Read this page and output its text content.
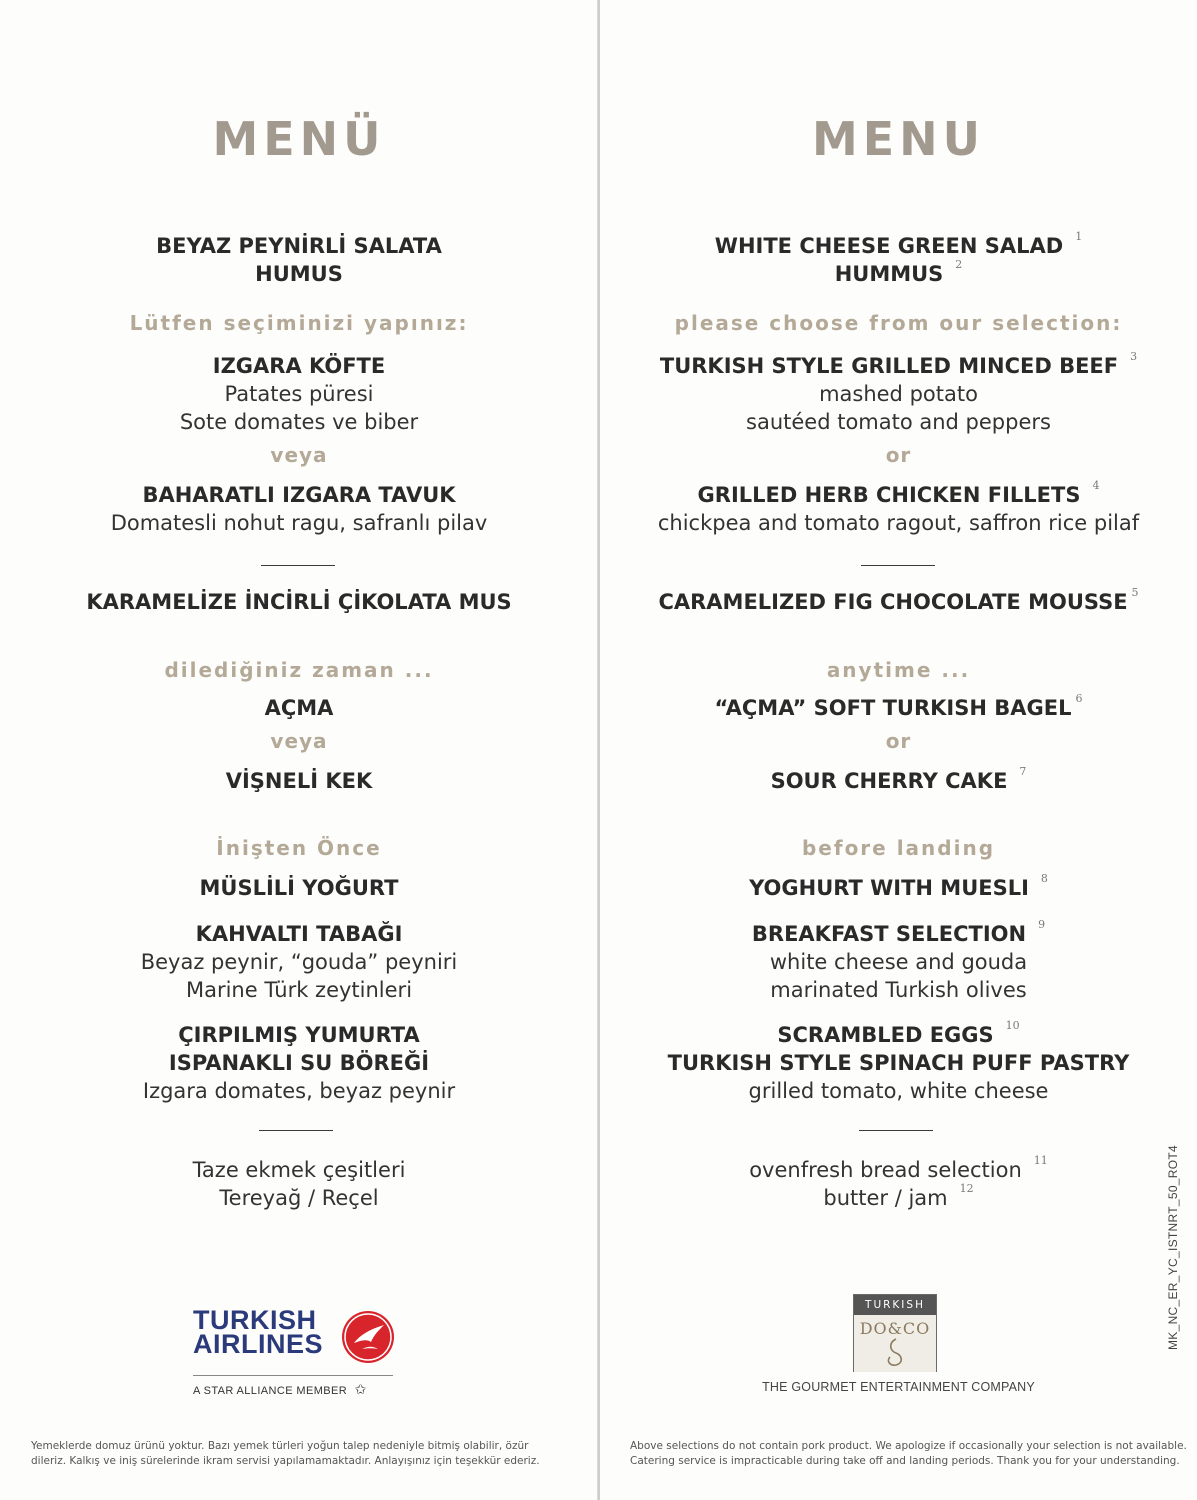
MENÜ
BEYAZ PEYNİRLİ SALATA
HUMUS
Lütfen seçiminizi yapınız:
IZGARA KÖFTE
Patates püresi
Sote domates ve biber
veya
BAHARATLI IZGARA TAVUK
Domatesli nohut ragu, safranlı pilav
KARAMELİZE İNCİRLİ ÇİKOLATA MUS
dilediğiniz zaman ...
AÇMA
veya
VİŞNELİ KEK
İnişten Önce
MÜSLİLİ YOĞURT
KAHVALTI TABAĞI
Beyaz peynir, “gouda” peyniri
Marine Türk zeytinleri
ÇIRPILMIŞ YUMURTA
ISPANAKLI SU BÖREĞİ
Izgara domates, beyaz peynir
Taze ekmek çeşitleri
Tereyağ / Reçel
TURKISH
AIRLINES
A STAR ALLIANCE MEMBER ✩
Yemeklerde domuz ürünü yoktur. Bazı yemek türleri yoğun talep nedeniyle bitmiş olabilir, özür
dileriz. Kalkış ve iniş sürelerinde ikram servisi yapılamamaktadır. Anlayışınız için teşekkür ederiz.
MENU
WHITE CHEESE GREEN SALAD $^1$
HUMMUS $^2$
please choose from our selection:
TURKISH STYLE GRILLED MINCED BEEF $^3$
mashed potato
sautéed tomato and peppers
or
GRILLED HERB CHICKEN FILLETS $^4$
chickpea and tomato ragout, saffron rice pilaf
CARAMELIZED FIG CHOCOLATE MOUSSE $^5$
anytime ...
“AÇMA” SOFT TURKISH BAGEL $^6$
or
SOUR CHERRY CAKE $^7$
before landing
YOGHURT WITH MUESLI $^8$
BREAKFAST SELECTION $^9$
white cheese and gouda
marinated Turkish olives
SCRAMBLED EGGS $^{10}$
TURKISH STYLE SPINACH PUFF PASTRY
grilled tomato, white cheese
ovenfresh bread selection $^{11}$
butter / jam $^{12}$
Above selections do not contain pork product. We apologize if occasionally your selection is not available.
Catering service is impracticable during take off and landing periods. Thank you for your understanding.
TURKISH
DO&CO
THE GOURMET ENTERTAINMENT COMPANY
MK_NC_ER_YC_ISTNRT_50_ROT4
